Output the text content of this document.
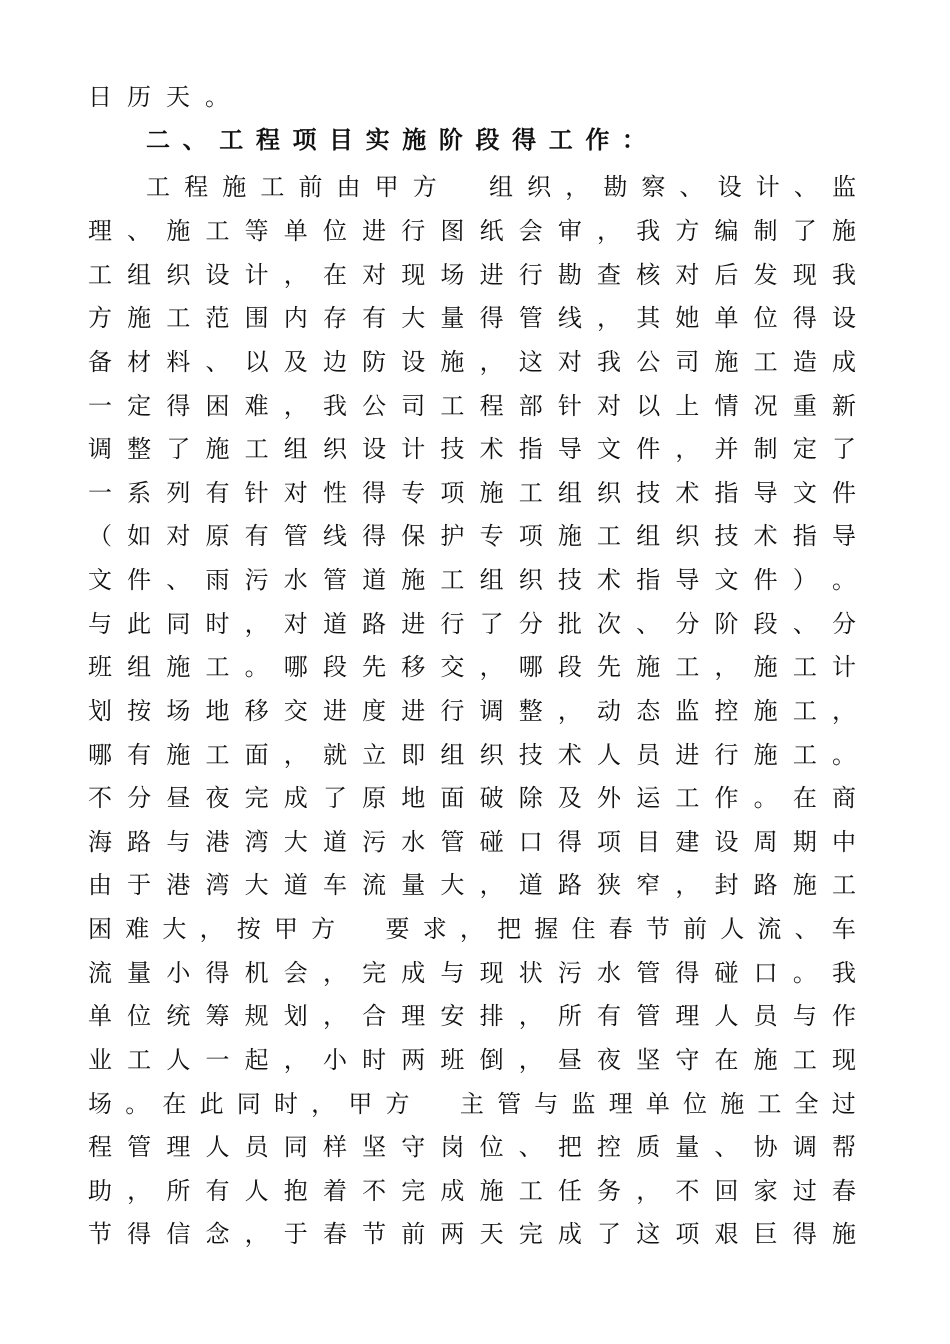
日 历 天 。
二 、 工 程 项 目 实 施 阶 段 得 工 作 ：
工 程 施 工 前 由 甲 方
　 组 织 ， 勘 察 、 设 计 、 监
理 、 施 工 等 单 位 进 行 图 纸 会 审 ， 我 方 编 制 了 施
工 组 织 设 计 ， 在 对 现 场 进 行 勘 查 核 对 后 发 现 我
方 施 工 范 围 内 存 有 大 量 得 管 线 ， 其 她 单 位 得 设
备 材 料 、 以 及 边 防 设 施 ， 这 对 我 公 司 施 工 造 成
一 定 得 困 难 ， 我 公 司 工 程 部 针 对 以 上 情 况 重 新
调 整 了 施 工 组 织 设 计 技 术 指 导 文 件 ， 并 制 定 了
一 系 列 有 针 对 性 得 专 项 施 工 组 织 技 术 指 导 文 件
（ 如 对 原 有 管 线 得 保 护 专 项 施 工 组 织 技 术 指 导
文 件 、 雨 污 水 管 道 施 工 组 织 技 术 指 导 文 件 ） 。
与 此 同 时 ， 对 道 路 进 行 了 分 批 次 、 分 阶 段 、 分
班 组 施 工 。 哪 段 先 移 交 ， 哪 段 先 施 工 ， 施 工 计
划 按 场 地 移 交 进 度 进 行 调 整 ， 动 态 监 控 施 工 ，
哪 有 施 工 面 ， 就 立 即 组 织 技 术 人 员 进 行 施 工 。
不 分 昼 夜 完 成 了 原 地 面 破 除 及 外 运 工 作 。 在 商
海 路 与 港 湾 大 道 污 水 管 碰 口 得 项 目 建 设 周 期 中
由 于 港 湾 大 道 车 流 量 大 ， 道 路 狭 窄 ， 封 路 施 工
困 难 大 ， 按 甲 方
　 要 求 ， 把 握 住 春 节 前 人 流 、 车
流 量 小 得 机 会 ， 完 成 与 现 状 污 水 管 得 碰 口 。 我
单 位 统 筹 规 划 ， 合 理 安 排 ， 所 有 管 理 人 员 与 作
业 工 人 一 起 ， 小 时 两 班 倒 ， 昼 夜 坚 守 在 施 工 现
场 。 在 此 同 时 ， 甲 方
　 主 管 与 监 理 单 位 施 工 全 过
程 管 理 人 员 同 样 坚 守 岗 位 、 把 控 质 量 、 协 调 帮
助 ， 所 有 人 抱 着 不 完 成 施 工 任 务 ， 不 回 家 过 春
节 得 信 念 ， 于 春 节 前 两 天 完 成 了 这 项 艰 巨 得 施
